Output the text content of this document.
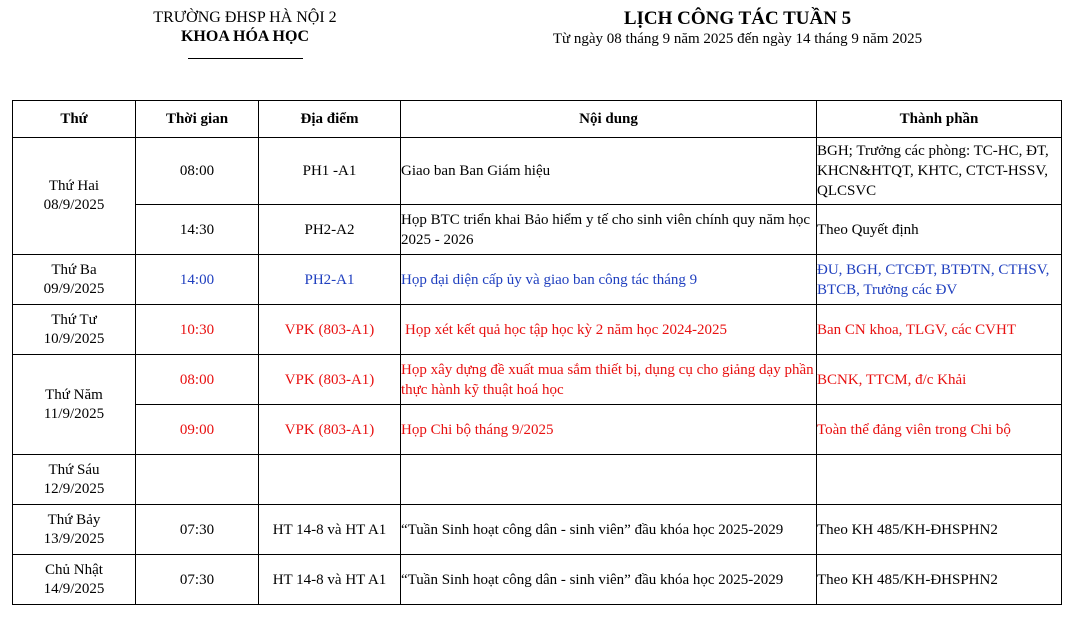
TRƯỜNG ĐHSP HÀ NỘI 2
KHOA HÓA HỌC
LỊCH CÔNG TÁC TUẦN 5
Từ ngày 08 tháng 9 năm 2025 đến ngày 14 tháng 9 năm 2025
Thứ	Thời gian	Địa điểm	Nội dung	Thành phần

Thứ Hai
08/9/2025	08:00	PH1 -A1	Giao ban Ban Giám hiệu	BGH; Trưởng các phòng: TC-HC, ĐT, KHCN&HTQT, KHTC, CTCT-HSSV, QLCSVC
	14:30	PH2-A2	Họp BTC triển khai Bảo hiểm y tế cho sinh viên chính quy năm học 2025 - 2026	Theo Quyết định

Thứ Ba
09/9/2025	14:00	PH2-A1	Họp đại diện cấp ủy và giao ban công tác tháng 9	ĐU, BGH, CTCĐT, BTĐTN, CTHSV, BTCB, Trưởng các ĐV

Thứ Tư
10/9/2025	10:30	VPK (803-A1)	Họp xét kết quả học tập học kỳ 2 năm học 2024-2025	Ban CN khoa, TLGV, các CVHT

Thứ Năm
11/9/2025	08:00	VPK (803-A1)	Họp xây dựng đề xuất mua sắm thiết bị, dụng cụ cho giảng dạy phần thực hành kỹ thuật hoá học	BCNK, TTCM, đ/c Khải
	09:00	VPK (803-A1)	Họp Chi bộ tháng 9/2025	Toàn thể đảng viên trong Chi bộ

Thứ Sáu
12/9/2025				

Thứ Bảy
13/9/2025	07:30	HT 14-8 và HT A1	“Tuần Sinh hoạt công dân - sinh viên” đầu khóa học 2025-2029	Theo KH 485/KH-ĐHSPHN2

Chủ Nhật
14/9/2025	07:30	HT 14-8 và HT A1	“Tuần Sinh hoạt công dân - sinh viên” đầu khóa học 2025-2029	Theo KH 485/KH-ĐHSPHN2
